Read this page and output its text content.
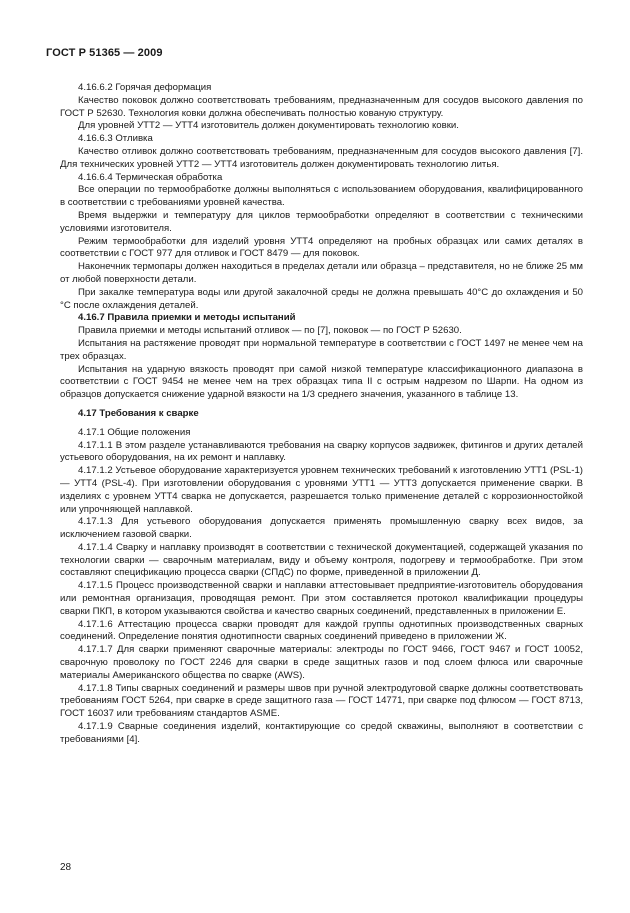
ГОСТ Р 51365 — 2009

4.16.6.2 Горячая деформация

Качество поковок должно соответствовать требованиям, предназначенным для сосудов высокого давления по ГОСТ Р 52630. Технология ковки должна обеспечивать полностью кованую структуру.

Для уровней УТТ2 — УТТ4 изготовитель должен документировать технологию ковки.

4.16.6.3 Отливка

Качество отливок должно соответствовать требованиям, предназначенным для сосудов высокого давления [7]. Для технических уровней УТТ2 — УТТ4 изготовитель должен документировать технологию литья.

4.16.6.4 Термическая обработка

Все операции по термообработке должны выполняться с использованием оборудования, квалифицированного в соответствии с требованиями уровней качества.

Время выдержки и температуру для циклов термообработки определяют в соответствии с техническими условиями изготовителя.

Режим термообработки для изделий уровня УТТ4 определяют на пробных образцах или самих деталях в соответствии с ГОСТ 977 для отливок и ГОСТ 8479 — для поковок.

Наконечник термопары должен находиться в пределах детали или образца – представителя, но не ближе 25 мм от любой поверхности детали.

При закалке температура воды или другой закалочной среды не должна превышать 40°С до охлаждения и 50 °С после охлаждения деталей.

4.16.7 Правила приемки и методы испытаний

Правила приемки и методы испытаний отливок — по [7], поковок — по ГОСТ Р 52630.

Испытания на растяжение проводят при нормальной температуре в соответствии с ГОСТ 1497 не менее чем на трех образцах.

Испытания на ударную вязкость проводят при самой низкой температуре классификационного диапазона в соответствии с ГОСТ 9454 не менее чем на трех образцах типа II с острым надрезом по Шарпи. На одном из образцов допускается снижение ударной вязкости на 1/3 среднего значения, указанного в таблице 13.

4.17 Требования к сварке

4.17.1 Общие положения

4.17.1.1 В этом разделе устанавливаются требования на сварку корпусов задвижек, фитингов и других деталей устьевого оборудования, на их ремонт и наплавку.

4.17.1.2 Устьевое оборудование характеризуется уровнем технических требований к изготовлению УТТ1 (PSL-1) — УТТ4 (PSL-4). При изготовлении оборудования с уровнями УТТ1 — УТТ3 допускается применение сварки. В изделиях с уровнем УТТ4 сварка не допускается, разрешается только применение деталей с коррозионностойкой или упрочняющей наплавкой.

4.17.1.3 Для устьевого оборудования допускается применять промышленную сварку всех видов, за исключением газовой сварки.

4.17.1.4 Сварку и наплавку производят в соответствии с технической документацией, содержащей указания по технологии сварки — сварочным материалам, виду и объему контроля, подогреву и термообработке. При этом составляют спецификацию процесса сварки (СПдС) по форме, приведенной в приложении Д.

4.17.1.5 Процесс производственной сварки и наплавки аттестовывает предприятие-изготовитель оборудования или ремонтная организация, проводящая ремонт. При этом составляется протокол квалификации процедуры сварки ПКП, в котором указываются свойства и качество сварных соединений, представленных в приложении Е.

4.17.1.6 Аттестацию процесса сварки проводят для каждой группы однотипных производственных сварных соединений. Определение понятия однотипности сварных соединений приведено в приложении Ж.

4.17.1.7 Для сварки применяют сварочные материалы: электроды по ГОСТ 9466, ГОСТ 9467 и ГОСТ 10052, сварочную проволоку по ГОСТ 2246 для сварки в среде защитных газов и под слоем флюса или сварочные материалы Американского общества по сварке (AWS).

4.17.1.8 Типы сварных соединений и размеры швов при ручной электродуговой сварке должны соответствовать требованиям ГОСТ 5264, при сварке в среде защитного газа — ГОСТ 14771, при сварке под флюсом — ГОСТ 8713, ГОСТ 16037 или требованиям стандартов ASME.

4.17.1.9 Сварные соединения изделий, контактирующие со средой скважины, выполняют в соответствии с требованиями [4].

28
